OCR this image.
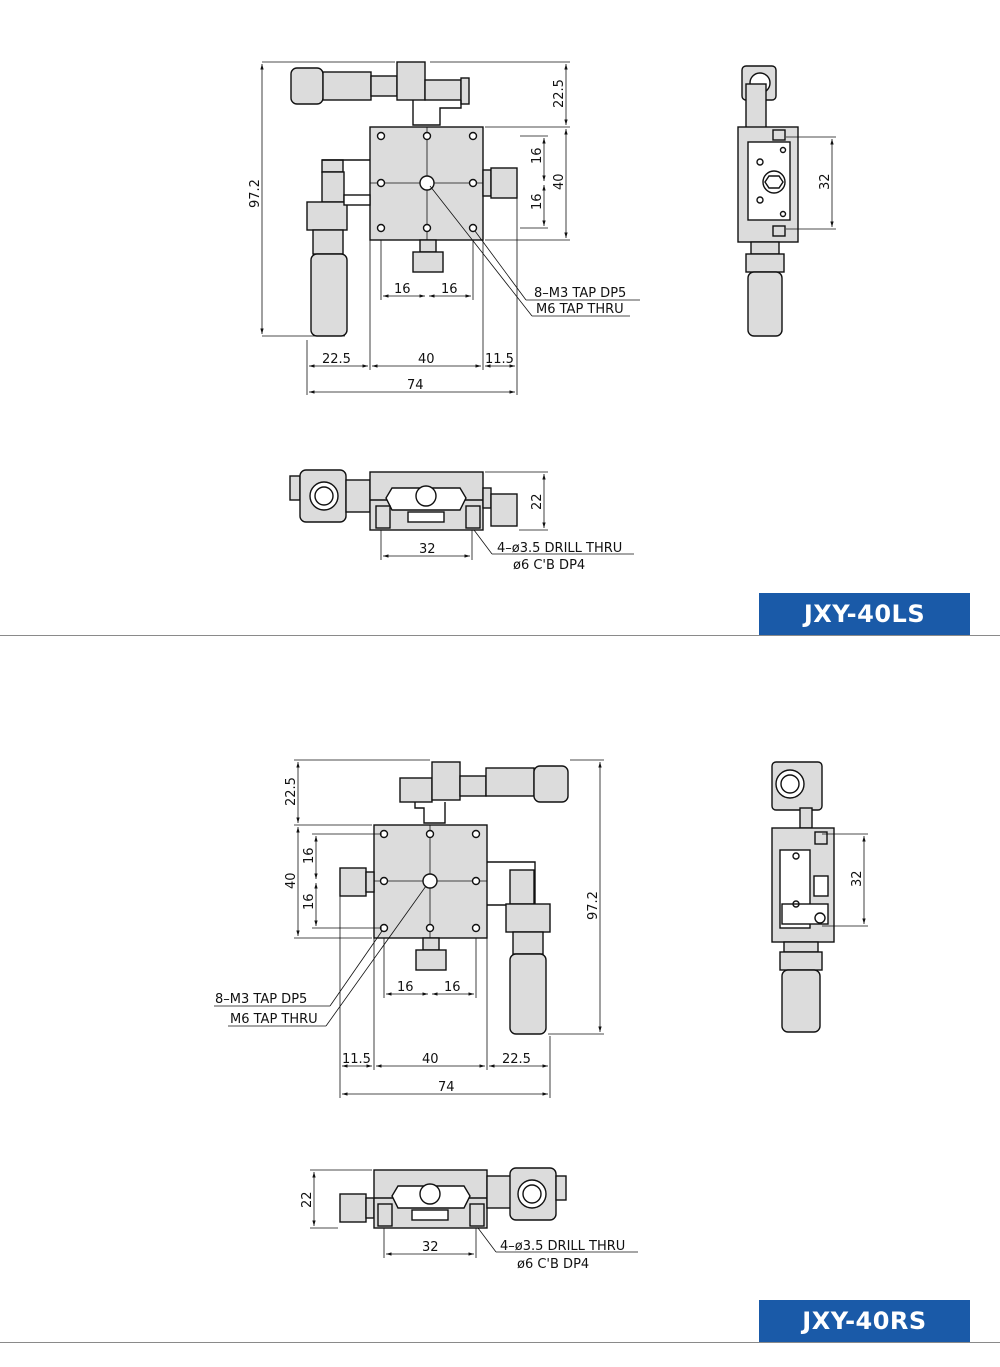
97.2
22.5
40
16
16
16 16
22.5	40	11.5
74
8–M3 TAP DP5
M6 TAP THRU
32
22
32	4–ø3.5 DRILL THRU
ø6 C'B DP4
22.5
40
16
16	97.2
16 16
11.5	40	22.5
74
8–M3 TAP DP5
M6 TAP THRU
32
22
32	4–ø3.5 DRILL THRU
ø6 C'B DP4
JXY-40LS
JXY-40RS
